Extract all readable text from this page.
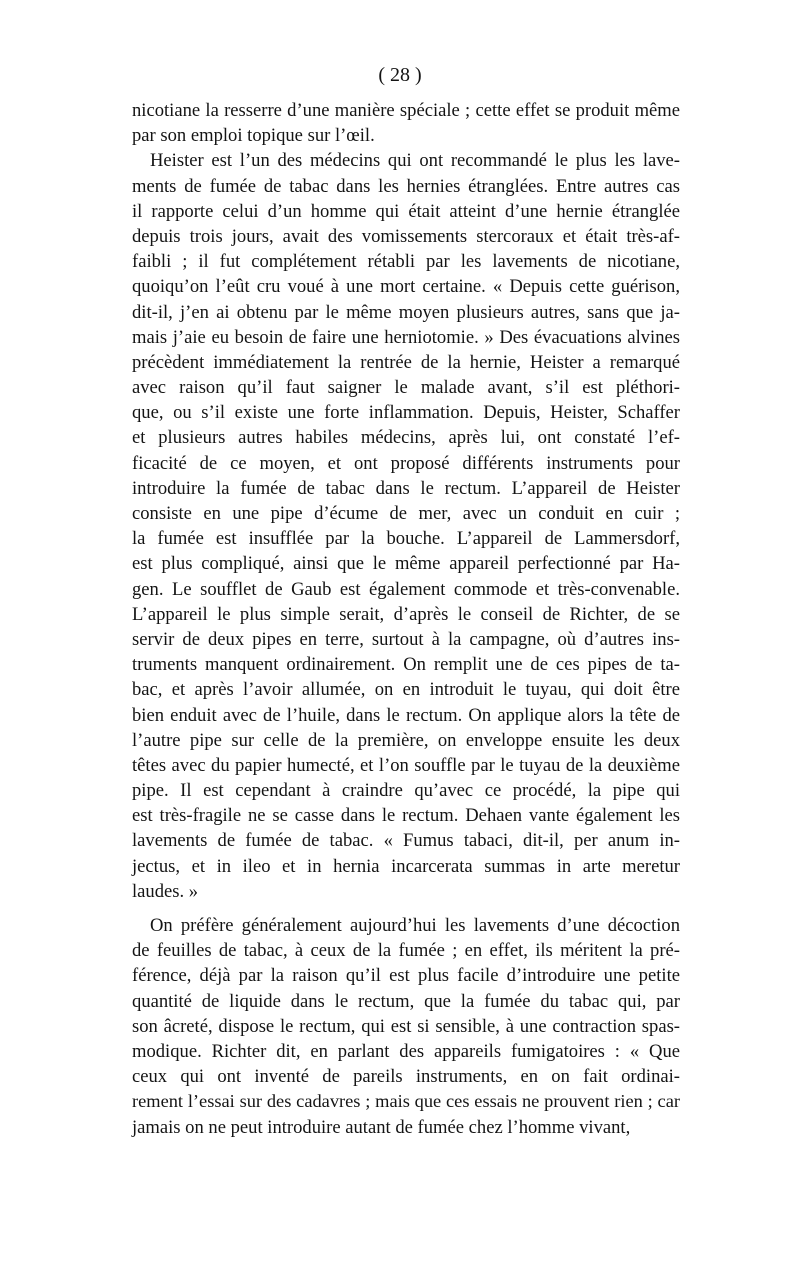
( 28 )

nicotiane la resserre d’une manière spéciale ; cette effet se produit même
par son emploi topique sur l’œil.

Heister est l’un des médecins qui ont recommandé le plus les lave-
ments de fumée de tabac dans les hernies étranglées. Entre autres cas
il rapporte celui d’un homme qui était atteint d’une hernie étranglée
depuis trois jours, avait des vomissements stercoraux et était très-af-
faibli ; il fut complétement rétabli par les lavements de nicotiane,
quoiqu’on l’eût cru voué à une mort certaine. « Depuis cette guérison,
dit-il, j’en ai obtenu par le même moyen plusieurs autres, sans que ja-
mais j’aie eu besoin de faire une herniotomie. » Des évacuations alvines
précèdent immédiatement la rentrée de la hernie, Heister a remarqué
avec raison qu’il faut saigner le malade avant, s’il est pléthori-
que, ou s’il existe une forte inflammation. Depuis, Heister, Schaffer
et plusieurs autres habiles médecins, après lui, ont constaté l’ef-
ficacité de ce moyen, et ont proposé différents instruments pour
introduire la fumée de tabac dans le rectum. L’appareil de Heister
consiste en une pipe d’écume de mer, avec un conduit en cuir ;
la fumée est insufflée par la bouche. L’appareil de Lammersdorf,
est plus compliqué, ainsi que le même appareil perfectionné par Ha-
gen. Le soufflet de Gaub est également commode et très-convenable.
L’appareil le plus simple serait, d’après le conseil de Richter, de se
servir de deux pipes en terre, surtout à la campagne, où d’autres ins-
truments manquent ordinairement. On remplit une de ces pipes de ta-
bac, et après l’avoir allumée, on en introduit le tuyau, qui doit être
bien enduit avec de l’huile, dans le rectum. On applique alors la tête de
l’autre pipe sur celle de la première, on enveloppe ensuite les deux
têtes avec du papier humecté, et l’on souffle par le tuyau de la deuxième
pipe. Il est cependant à craindre qu’avec ce procédé, la pipe qui
est très-fragile ne se casse dans le rectum. Dehaen vante également les
lavements de fumée de tabac. « Fumus tabaci, dit-il, per anum in-
jectus, et in ileo et in hernia incarcerata summas in arte meretur
laudes. »

On préfère généralement aujourd’hui les lavements d’une décoction
de feuilles de tabac, à ceux de la fumée ; en effet, ils méritent la pré-
férence, déjà par la raison qu’il est plus facile d’introduire une petite
quantité de liquide dans le rectum, que la fumée du tabac qui, par
son âcreté, dispose le rectum, qui est si sensible, à une contraction spas-
modique. Richter dit, en parlant des appareils fumigatoires : « Que
ceux qui ont inventé de pareils instruments, en on fait ordinai-
rement l’essai sur des cadavres ; mais que ces essais ne prouvent rien ; car
jamais on ne peut introduire autant de fumée chez l’homme vivant,
